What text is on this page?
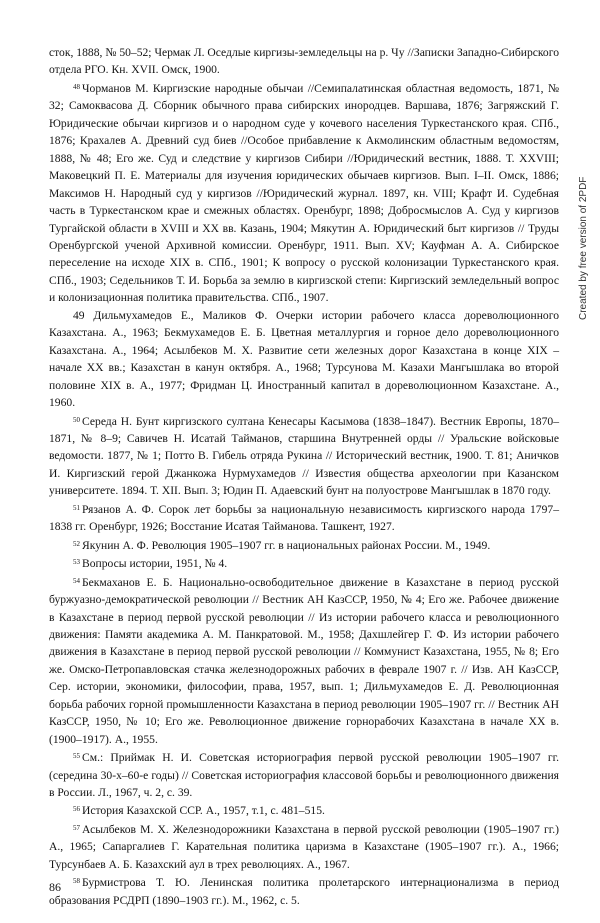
сток, 1888, № 50–52; Чермак Л. Оседлые киргизы-земледельцы на р. Чу //Записки Западно-Сибирского отдела РГО. Кн. XVII. Омск, 1900.

$^{48}$ Чорманов М. Киргизские народные обычаи //Семипалатинская областная ведомость, 1871, № 32; Самоквасова Д. Сборник обычного права сибирских инородцев. Варшава, 1876; Загряжский Г. Юридические обычаи киргизов и о народном суде у кочевого населения Туркестанского края. СПб., 1876; Крахалев А. Древний суд биев //Особое прибавление к Акмолинским областным ведомостям, 1888, № 48; Его же. Суд и следствие у киргизов Сибири //Юридический вестник, 1888. Т. XXVIII; Маковецкий П. Е. Материалы для изучения юридических обычаев киргизов. Вып. I–II. Омск, 1886; Максимов Н. Народный суд у киргизов //Юридический журнал. 1897, кн. VIII; Крафт И. Судебная часть в Туркестанском крае и смежных областях. Оренбург, 1898; Добросмыслов А. Суд у киргизов Тургайской области в XVIII и XX вв. Казань, 1904; Мякутин А. Юридический быт киргизов // Труды Оренбургской ученой Архивной комиссии. Оренбург, 1911. Вып. XV; Кауфман А. А. Сибирское переселение на исходе XIX в. СПб., 1901; К вопросу о русской колонизации Туркестанского края. СПб., 1903; Седельников Т. И. Борьба за землю в киргизской степи: Киргизский земледельный вопрос и колонизационная политика правительства. СПб., 1907.

49 Дильмухамедов Е., Маликов Ф. Очерки истории рабочего класса дореволюционного Казахстана. А., 1963; Бекмухамедов Е. Б. Цветная металлургия и горное дело дореволюционного Казахстана. А., 1964; Асылбеков М. Х. Развитие сети железных дорог Казахстана в конце XIX – начале XX вв.; Казахстан в канун октября. А., 1968; Турсунова М. Казахи Мангышлака во второй половине XIX в. А., 1977; Фридман Ц. Иностранный капитал в дореволюционном Казахстане. А., 1960.

$^{50}$ Середа Н. Бунт киргизского султана Кенесары Касымова (1838–1847). Вестник Европы, 1870–1871, № 8–9; Савичев Н. Исатай Тайманов, старшина Внутренней орды // Уральские войсковые ведомости. 1877, № 1; Потто В. Гибель отряда Рукина // Исторический вестник, 1900. Т. 81; Аничков И. Киргизский герой Джанкожа Нурмухамедов // Известия общества археологии при Казанском университете. 1894. Т. XII. Вып. 3; Юдин П. Адаевский бунт на полуострове Мангышлак в 1870 году.

$^{51}$ Рязанов А. Ф. Сорок лет борьбы за национальную независимость киргизского народа 1797–1838 гг. Оренбург, 1926; Восстание Исатая Тайманова. Ташкент, 1927.

$^{52}$ Якунин А. Ф. Революция 1905–1907 гг. в национальных районах России. М., 1949.

$^{53}$ Вопросы истории, 1951, № 4.

$^{54}$ Бекмаханов Е. Б. Национально-освободительное движение в Казахстане в период русской буржуазно-демократической революции // Вестник АН КазССР, 1950, № 4; Его же. Рабочее движение в Казахстане в период первой русской революции // Из истории рабочего класса и революционного движения: Памяти академика А. М. Панкратовой. М., 1958; Дахшлейгер Г. Ф. Из истории рабочего движения в Казахстане в период первой русской революции // Коммунист Казахстана, 1955, № 8; Его же. Омско-Петропавловская стачка железнодорожных рабочих в феврале 1907 г. // Изв. АН КазССР, Сер. истории, экономики, философии, права, 1957, вып. 1; Дильмухамедов Е. Д. Революционная борьба рабочих горной промышленности Казахстана в период революции 1905–1907 гг. // Вестник АН КазССР, 1950, № 10; Его же. Революционное движение горнорабочих Казахстана в начале XX в. (1900–1917). А., 1955.

$^{55}$ См.: Приймак Н. И. Советская историография первой русской революции 1905–1907 гг. (середина 30-х–60-е годы) // Советская историография классовой борьбы и революционного движения в России. Л., 1967, ч. 2, с. 39.

$^{56}$ История Казахской ССР. А., 1957, т.1, с. 481–515.

$^{57}$ Асылбеков М. Х. Железнодорожники Казахстана в первой русской революции (1905–1907 гг.) А., 1965; Сапаргалиев Г. Карательная политика царизма в Казахстане (1905–1907 гг.). А., 1966; Турсунбаев А. Б. Казахский аул в трех революциях. А., 1967.

$^{58}$ Бурмистрова Т. Ю. Ленинская политика пролетарского интернационализма в период образования РСДРП (1890–1903 гг.). М., 1962, с. 5.

86
Created by free version of 2PDF
